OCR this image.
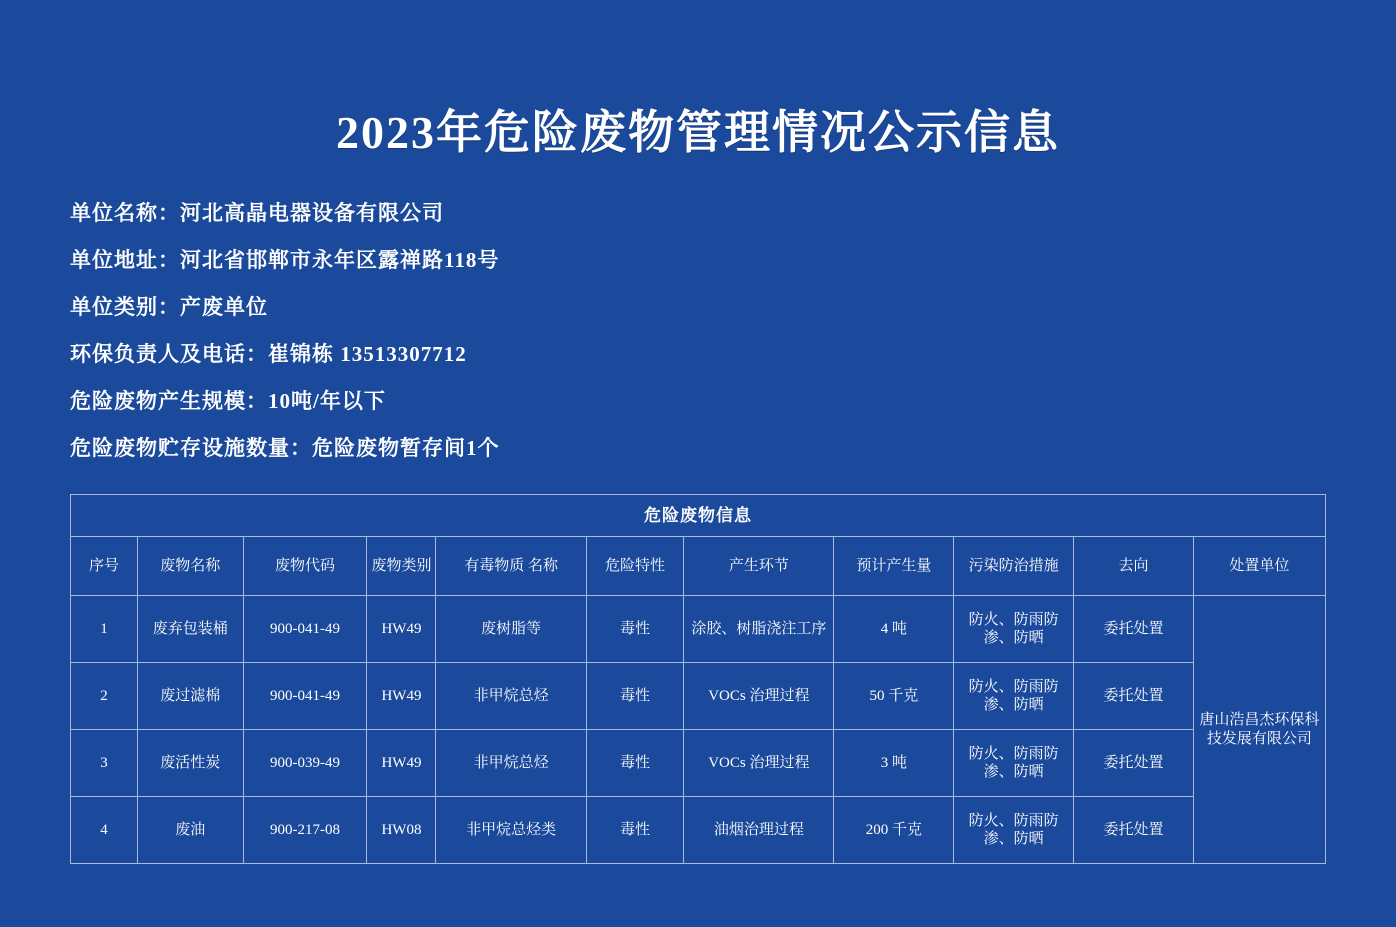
2023年危险废物管理情况公示信息
单位名称：河北高晶电器设备有限公司
单位地址：河北省邯郸市永年区露禅路118号
单位类别：产废单位
环保负责人及电话：崔锦栋 13513307712
危险废物产生规模：10吨/年以下
危险废物贮存设施数量：危险废物暂存间1个
危险废物信息										
序号	废物名称	废物代码	废物类别	有毒物质 名称	危险特性	产生环节	预计产生量	污染防治措施	去向	处置单位
1	废弃包装桶	900-041-49	HW49	废树脂等	毒性	涂胶、树脂浇注工序	4 吨	防火、防雨防渗、防晒	委托处置	唐山浩昌杰环保科技发展有限公司
2	废过滤棉	900-041-49	HW49	非甲烷总烃	毒性	VOCs 治理过程	50 千克	防火、防雨防渗、防晒	委托处置	
3	废活性炭	900-039-49	HW49	非甲烷总烃	毒性	VOCs 治理过程	3 吨	防火、防雨防渗、防晒	委托处置	
4	废油	900-217-08	HW08	非甲烷总烃类	毒性	油烟治理过程	200 千克	防火、防雨防渗、防晒	委托处置	
